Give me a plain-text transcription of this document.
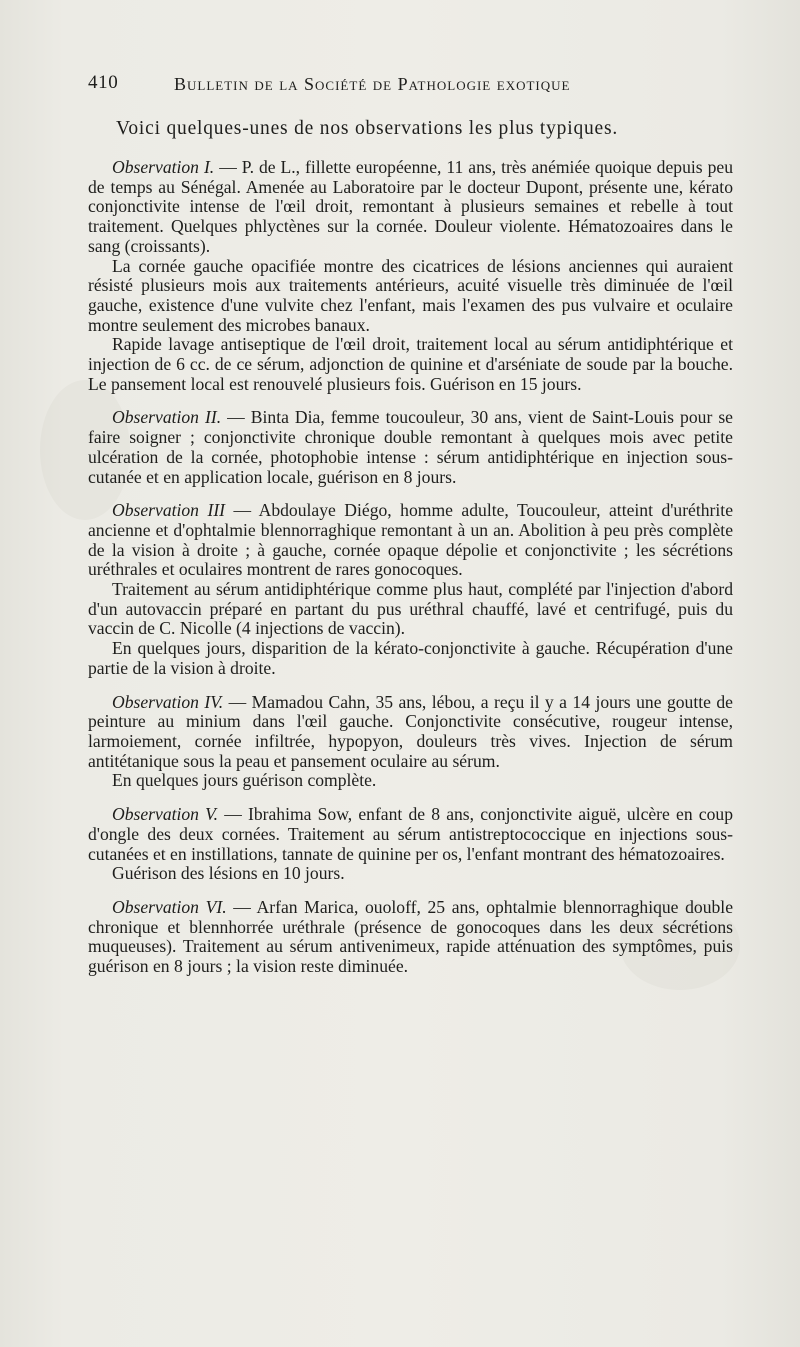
410	Bulletin de la Société de Pathologie exotique

Voici quelques-unes de nos observations les plus typiques.

Observation I. — P. de L., fillette européenne, 11 ans, très anémiée quoique depuis peu de temps au Sénégal. Amenée au Laboratoire par le docteur Dupont, présente une, kérato conjonctivite intense de l'œil droit, remontant à plusieurs semaines et rebelle à tout traitement. Quelques phlyctènes sur la cornée. Douleur violente. Hématozoaires dans le sang (croissants).

La cornée gauche opacifiée montre des cicatrices de lésions anciennes qui auraient résisté plusieurs mois aux traitements antérieurs, acuité visuelle très diminuée de l'œil gauche, existence d'une vulvite chez l'enfant, mais l'examen des pus vulvaire et oculaire montre seulement des microbes banaux.

Rapide lavage antiseptique de l'œil droit, traitement local au sérum antidiphtérique et injection de 6 cc. de ce sérum, adjonction de quinine et d'arséniate de soude par la bouche. Le pansement local est renouvelé plusieurs fois. Guérison en 15 jours.

Observation II. — Binta Dia, femme toucouleur, 30 ans, vient de Saint-Louis pour se faire soigner ; conjonctivite chronique double remontant à quelques mois avec petite ulcération de la cornée, photophobie intense : sérum antidiphtérique en injection sous-cutanée et en application locale, guérison en 8 jours.

Observation III — Abdoulaye Diégo, homme adulte, Toucouleur, atteint d'uréthrite ancienne et d'ophtalmie blennorraghique remontant à un an. Abolition à peu près complète de la vision à droite ; à gauche, cornée opaque dépolie et conjonctivite ; les sécrétions uréthrales et oculaires montrent de rares gonocoques.

Traitement au sérum antidiphtérique comme plus haut, complété par l'injection d'abord d'un autovaccin préparé en partant du pus uréthral chauffé, lavé et centrifugé, puis du vaccin de C. Nicolle (4 injections de vaccin).

En quelques jours, disparition de la kérato-conjonctivite à gauche. Récupération d'une partie de la vision à droite.

Observation IV. — Mamadou Cahn, 35 ans, lébou, a reçu il y a 14 jours une goutte de peinture au minium dans l'œil gauche. Conjonctivite consécutive, rougeur intense, larmoiement, cornée infiltrée, hypopyon, douleurs très vives. Injection de sérum antitétanique sous la peau et pansement oculaire au sérum.

En quelques jours guérison complète.

Observation V. — Ibrahima Sow, enfant de 8 ans, conjonctivite aiguë, ulcère en coup d'ongle des deux cornées. Traitement au sérum antistreptococcique en injections sous-cutanées et en instillations, tannate de quinine per os, l'enfant montrant des hématozoaires.

Guérison des lésions en 10 jours.

Observation VI. — Arfan Marica, ouoloff, 25 ans, ophtalmie blennorraghique double chronique et blennhorrée uréthrale (présence de gonocoques dans les deux sécrétions muqueuses). Traitement au sérum antivenimeux, rapide atténuation des symptômes, puis guérison en 8 jours ; la vision reste diminuée.
